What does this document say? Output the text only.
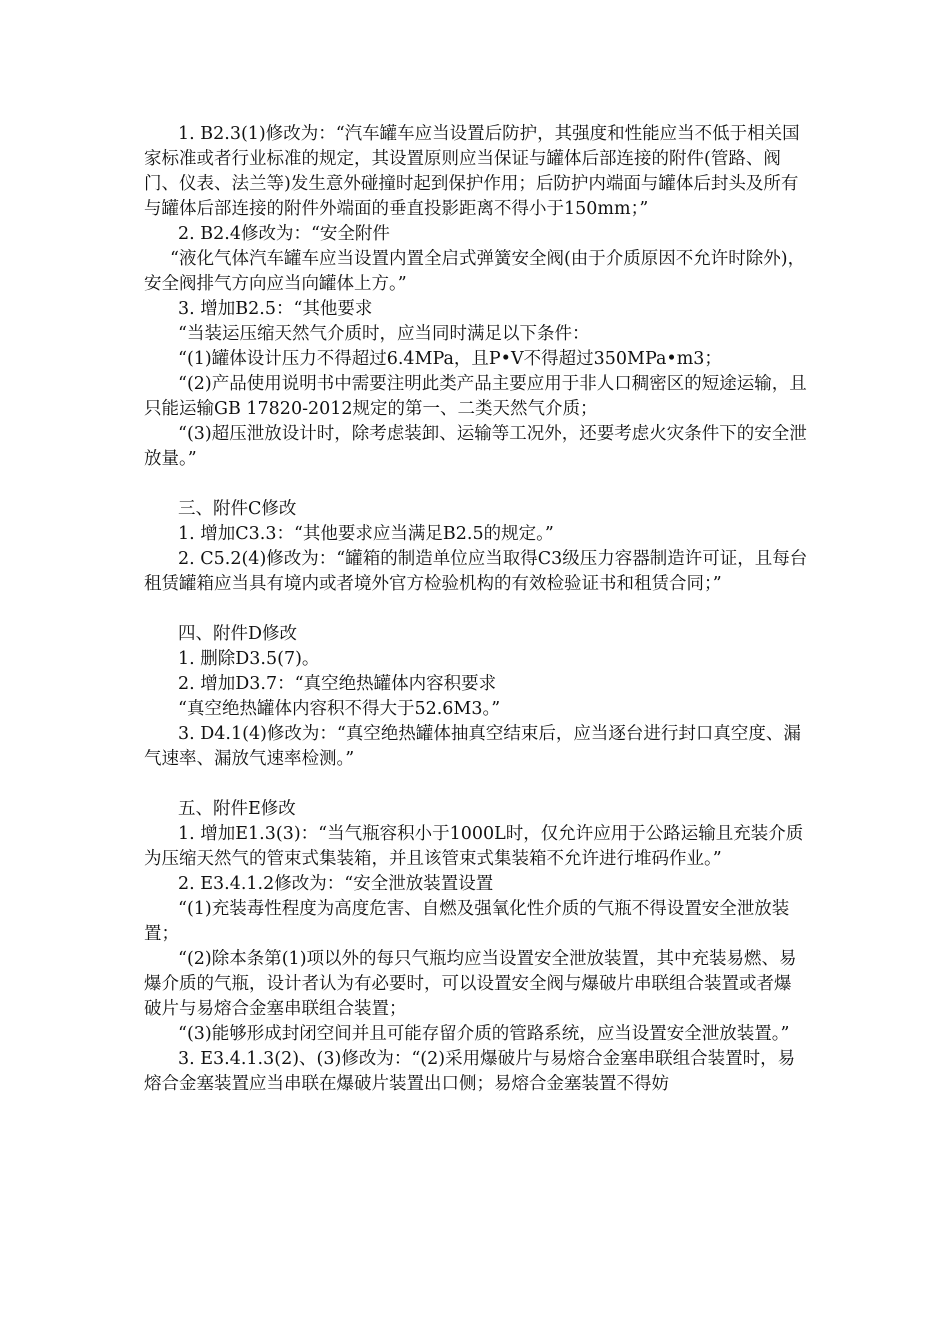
1. B2.3(1)修改为：“汽车罐车应当设置后防护，其强度和性能应当不低于相关国家标准或者行业标准的规定，其设置原则应当保证与罐体后部连接的附件(管路、阀门、仪表、法兰等)发生意外碰撞时起到保护作用；后防护内端面与罐体后封头及所有与罐体后部连接的附件外端面的垂直投影距离不得小于150mm；”

2. B2.4修改为：“安全附件

“液化气体汽车罐车应当设置内置全启式弹簧安全阀(由于介质原因不允许时除外)，安全阀排气方向应当向罐体上方。”

3. 增加B2.5：“其他要求

“当装运压缩天然气介质时，应当同时满足以下条件：

“(1)罐体设计压力不得超过6.4MPa，且P•V不得超过350MPa•m3；

“(2)产品使用说明书中需要注明此类产品主要应用于非人口稠密区的短途运输，且只能运输GB 17820-2012规定的第一、二类天然气介质；

“(3)超压泄放设计时，除考虑装卸、运输等工况外，还要考虑火灾条件下的安全泄放量。”

三、附件C修改

1. 增加C3.3：“其他要求应当满足B2.5的规定。”

2. C5.2(4)修改为：“罐箱的制造单位应当取得C3级压力容器制造许可证，且每台租赁罐箱应当具有境内或者境外官方检验机构的有效检验证书和租赁合同；”

四、附件D修改

1. 删除D3.5(7)。

2. 增加D3.7：“真空绝热罐体内容积要求

“真空绝热罐体内容积不得大于52.6M3。”

3. D4.1(4)修改为：“真空绝热罐体抽真空结束后，应当逐台进行封口真空度、漏气速率、漏放气速率检测。”

五、附件E修改

1. 增加E1.3(3)：“当气瓶容积小于1000L时，仅允许应用于公路运输且充装介质为压缩天然气的管束式集装箱，并且该管束式集装箱不允许进行堆码作业。”

2. E3.4.1.2修改为：“安全泄放装置设置

“(1)充装毒性程度为高度危害、自燃及强氧化性介质的气瓶不得设置安全泄放装置；

“(2)除本条第(1)项以外的每只气瓶均应当设置安全泄放装置，其中充装易燃、易爆介质的气瓶，设计者认为有必要时，可以设置安全阀与爆破片串联组合装置或者爆破片与易熔合金塞串联组合装置；

“(3)能够形成封闭空间并且可能存留介质的管路系统，应当设置安全泄放装置。”

3. E3.4.1.3(2)、(3)修改为：“(2)采用爆破片与易熔合金塞串联组合装置时，易熔合金塞装置应当串联在爆破片装置出口侧；易熔合金塞装置不得妨
